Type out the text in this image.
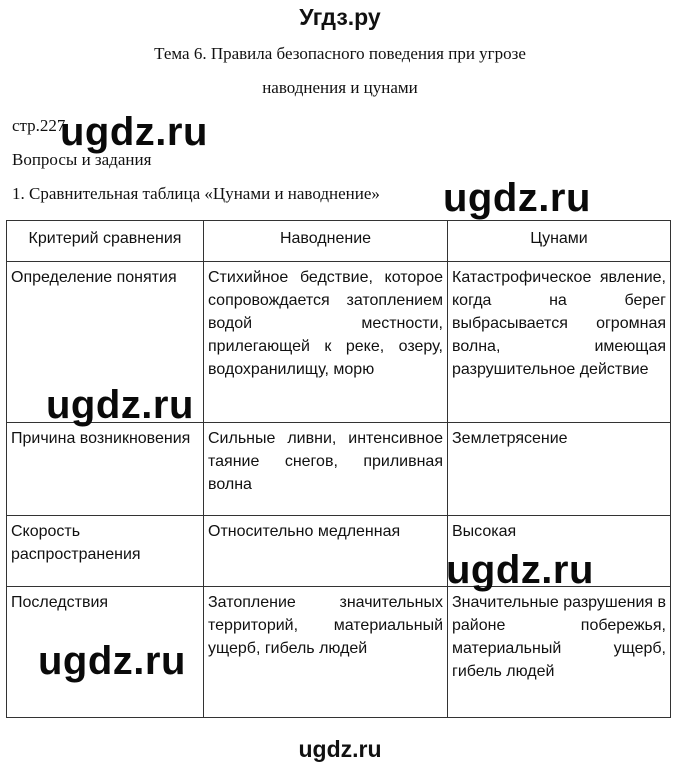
Угдз.ру
Тема 6. Правила безопасного поведения при угрозе
наводнения и цунами
стр.227
Вопросы и задания
1. Сравнительная таблица «Цунами и наводнение»
Критерий сравнения	Наводнение	Цунами
Определение понятия	Стихийное бедствие, которое сопровождается затоплением водой местности, прилегающей к реке, озеру, водохранилищу, морю	Катастрофическое явление, когда на берег выбрасывается огромная волна, имеющая разрушительное действие
Причина возникновения	Сильные ливни, интенсивное таяние снегов, приливная волна	Землетрясение
Скорость распространения	Относительно медленная	Высокая
Последствия	Затопление значительных территорий, материальный ущерб, гибель людей	Значительные разрушения в районе побережья, материальный ущерб, гибель людей
ugdz.ru
ugdz.ru
ugdz.ru
ugdz.ru
ugdz.ru
ugdz.ru
